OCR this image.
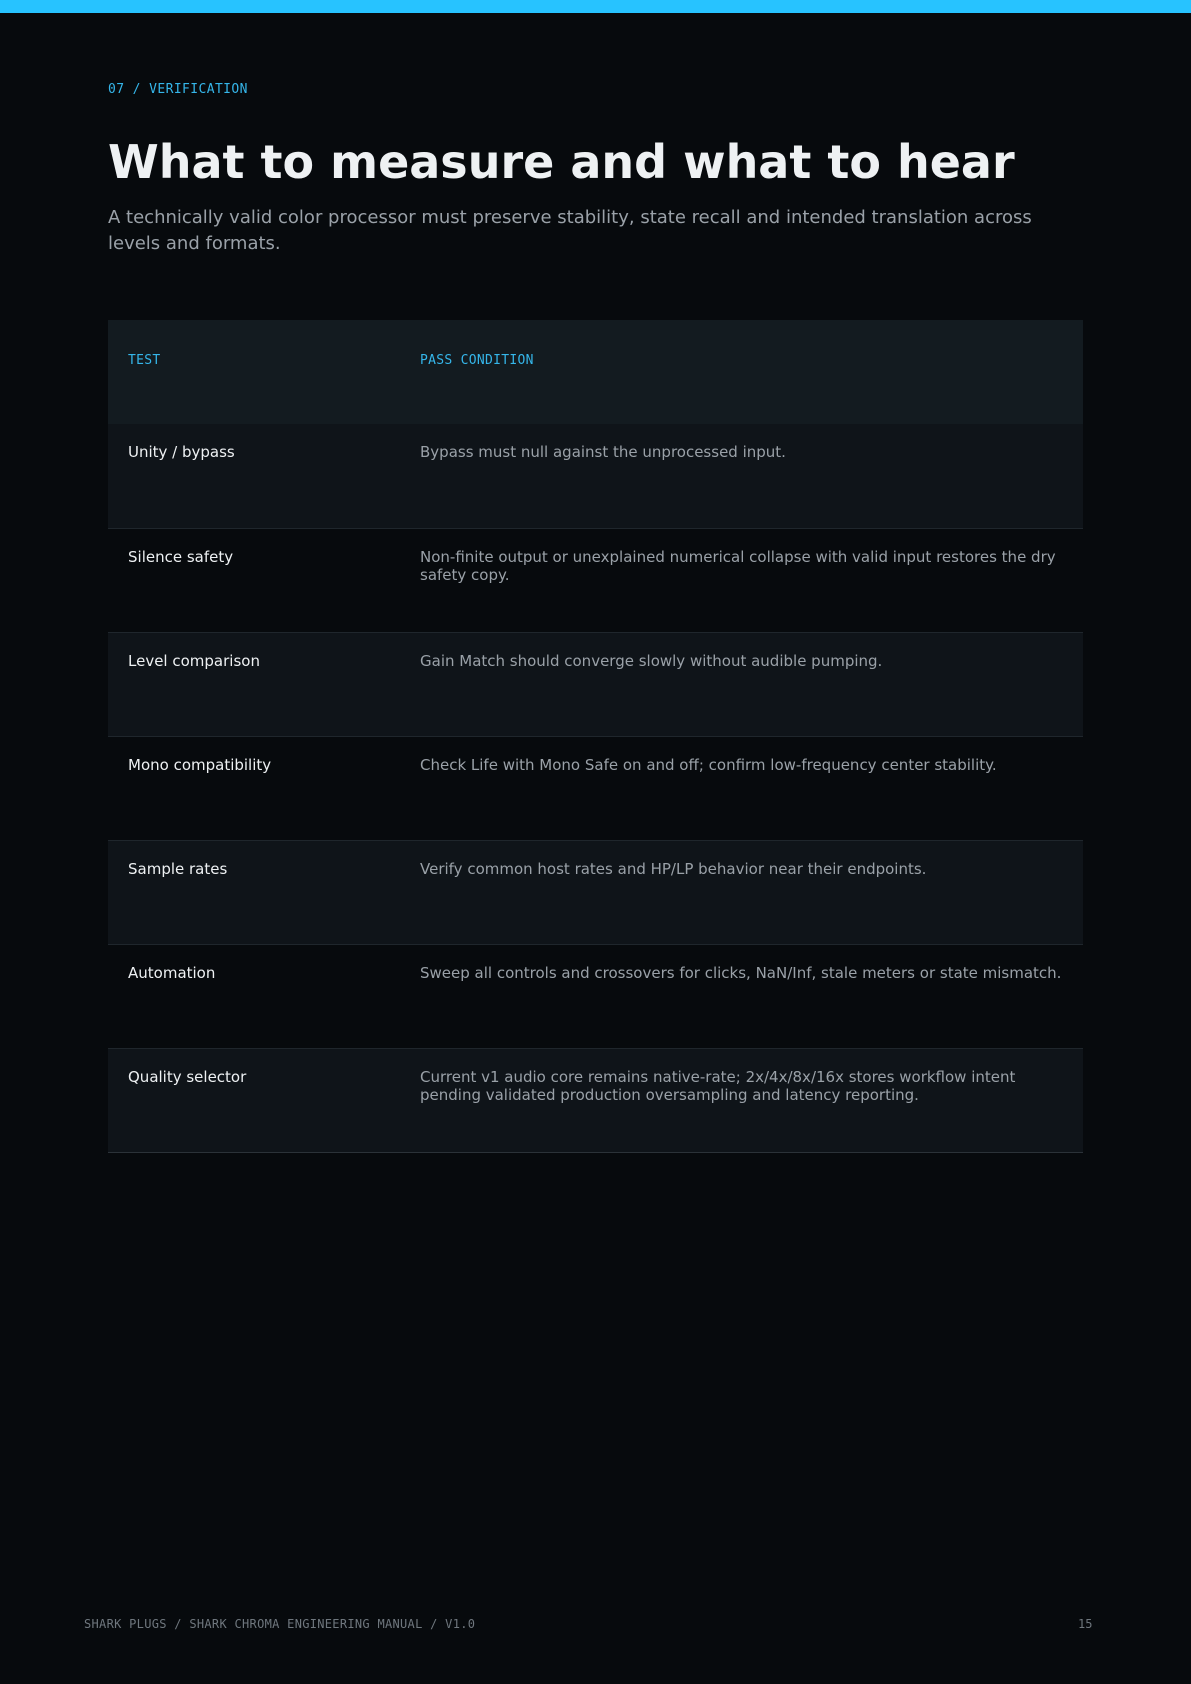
07 / VERIFICATION
What to measure and what to hear

A technically valid color processor must preserve stability, state recall and intended translation across levels and formats.

TEST	PASS CONDITION
Unity / bypass	Bypass must null against the unprocessed input.
Silence safety	Non-finite output or unexplained numerical collapse with valid input restores the dry safety copy.
Level comparison	Gain Match should converge slowly without audible pumping.
Mono compatibility	Check Life with Mono Safe on and off; confirm low-frequency center stability.
Sample rates	Verify common host rates and HP/LP behavior near their endpoints.
Automation	Sweep all controls and crossovers for clicks, NaN/Inf, stale meters or state mismatch.
Quality selector	Current v1 audio core remains native-rate; 2x/4x/8x/16x stores workflow intent pending validated production oversampling and latency reporting.
SHARK PLUGS / SHARK CHROMA ENGINEERING MANUAL / V1.0	15
